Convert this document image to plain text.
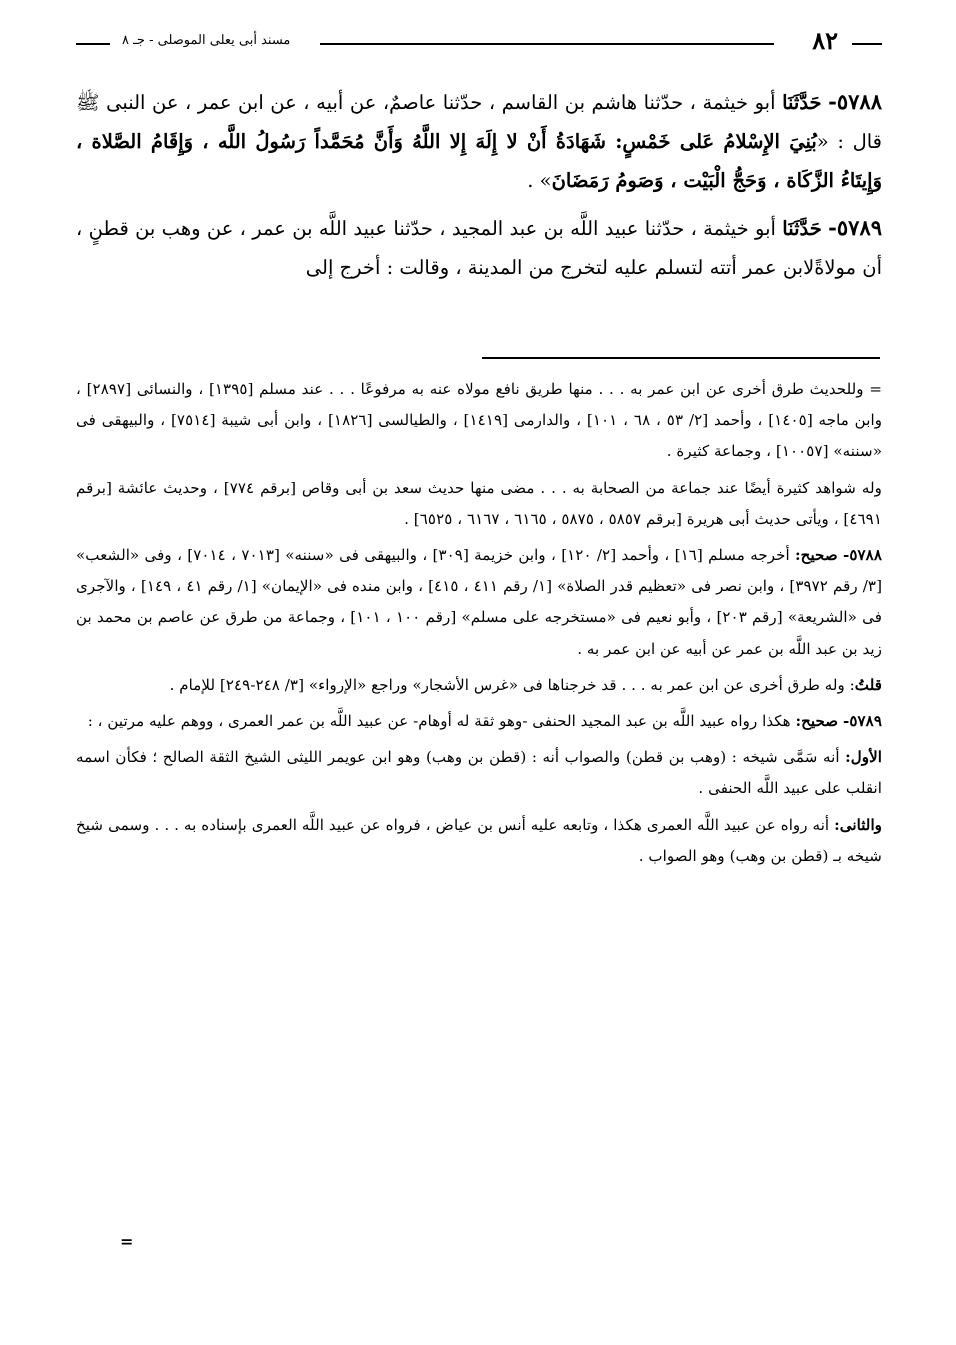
٨٢
مسند أبى يعلى الموصلى - جـ ٨

٥٧٨٨- حَدَّثَنَا أبو خيثمة ، حدّثنا هاشم بن القاسم ، حدّثنا عاصمٌ، عن أبيه ، عن ابن عمر ، عن النبى ﷺ قال : «بُنِيَ الإِسْلامُ عَلى خَمْسٍ: شَهَادَةُ أَنْ لا إِلَهَ إِلا اللَّهُ وَأَنَّ مُحَمَّداً رَسُولُ اللَّه ، وَإِقَامُ الصَّلاة ، وَإِيتَاءُ الزَّكَاة ، وَحَجُّ الْبَيْت ، وَصَومُ رَمَضَانَ» .

٥٧٨٩- حَدَّثَنَا أبو خيثمة ، حدّثنا عبيد اللَّه بن عبد المجيد ، حدّثنا عبيد اللَّه بن عمر ، عن وهب بن قطنٍ ، أن مولاةًلابن عمر أتته لتسلم عليه لتخرج من المدينة ، وقالت : أخرج إلى

= وللحديث طرق أخرى عن ابن عمر به . . . منها طريق نافع مولاه عنه به مرفوعًا . . . عند مسلم [١٣٩٥] ، والنسائى [٢٨٩٧] ، وابن ماجه [١٤٠٥] ، وأحمد [٢/ ٥٣ ، ٦٨ ، ١٠١] ، والدارمى [١٤١٩] ، والطيالسى [١٨٢٦] ، وابن أبى شيبة [٧٥١٤] ، والبيهقى فى «سننه» [١٠٠٥٧] ، وجماعة كثيرة .

وله شواهد كثيرة أيضًا عند جماعة من الصحابة به . . . مضى منها حديث سعد بن أبى وقاص [برقم ٧٧٤] ، وحديث عائشة [برقم ٤٦٩١] ، ويأتى حديث أبى هريرة [برقم ٥٨٥٧ ، ٥٨٧٥ ، ٦١٦٥ ، ٦١٦٧ ، ٦٥٢٥] .

٥٧٨٨- صحيح: أخرجه مسلم [١٦] ، وأحمد [٢/ ١٢٠] ، وابن خزيمة [٣٠٩] ، والبيهقى فى «سننه» [٧٠١٣ ، ٧٠١٤] ، وفى «الشعب» [٣/ رقم ٣٩٧٢] ، وابن نصر فى «تعظيم قدر الصلاة» [١/ رقم ٤١١ ، ٤١٥] ، وابن منده فى «الإيمان» [١/ رقم ٤١ ، ١٤٩] ، والآجرى فى «الشريعة» [رقم ٢٠٣] ، وأبو نعيم فى «مستخرجه على مسلم» [رقم ١٠٠ ، ١٠١] ، وجماعة من طرق عن عاصم بن محمد بن زيد بن عبد اللَّه بن عمر عن أبيه عن ابن عمر به .

قلتُ: وله طرق أخرى عن ابن عمر به . . . قد خرجناها فى «غرس الأشجار» وراجع «الإرواء» [٣/ ٢٤٨-٢٤٩] للإمام .

٥٧٨٩- صحيح: هكذا رواه عبيد اللَّه بن عبد المجيد الحنفى -وهو ثقة له أوهام- عن عبيد اللَّه بن عمر العمرى ، ووهم عليه مرتين ، :

الأول: أنه سَمَّى شيخه : (وهب بن قطن) والصواب أنه : (قطن بن وهب) وهو ابن عويمر الليثى الشيخ الثقة الصالح ؛ فكأن اسمه انقلب على عبيد اللَّه الحنفى .

والثانى: أنه رواه عن عبيد اللَّه العمرى هكذا ، وتابعه عليه أنس بن عياض ، فرواه عن عبيد اللَّه العمرى بإسناده به . . . وسمى شيخ شيخه بـ (قطن بن وهب) وهو الصواب .

=
